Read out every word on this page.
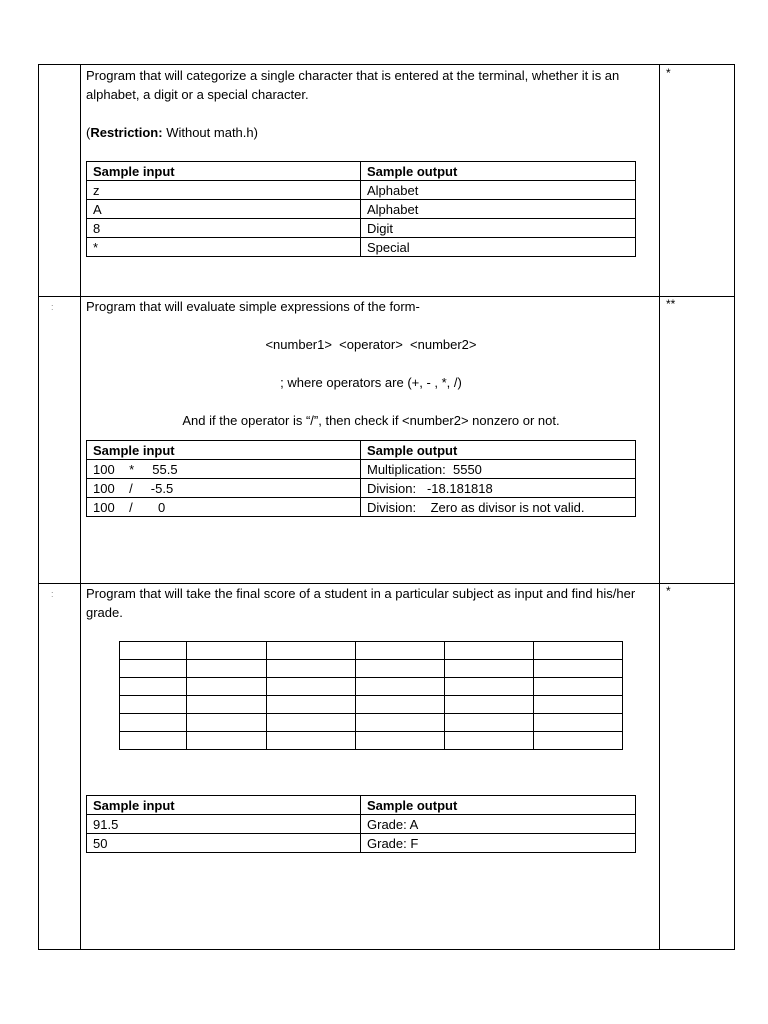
Program that will categorize a single character that is entered at the terminal, whether it is an alphabet, a digit or a special character.

(Restriction: Without math.h)

Sample input	Sample output
z	Alphabet
A	Alphabet
8	Digit
*	Special
*
: Program that will evaluate simple expressions of the form-

<number1>  <operator>  <number2>

; where operators are (+, - , *, /)

And if the operator is “/”, then check if <number2> nonzero or not.

Sample input	Sample output
100    *     55.5	Multiplication:  5550
100    /     -5.5	Division:   -18.181818
100    /       0	Division:    Zero as divisor is not valid.
**
: Program that will take the final score of a student in a particular subject as input and find his/her grade.

Sample input	Sample output
91.5	Grade: A
50	Grade: F
*
